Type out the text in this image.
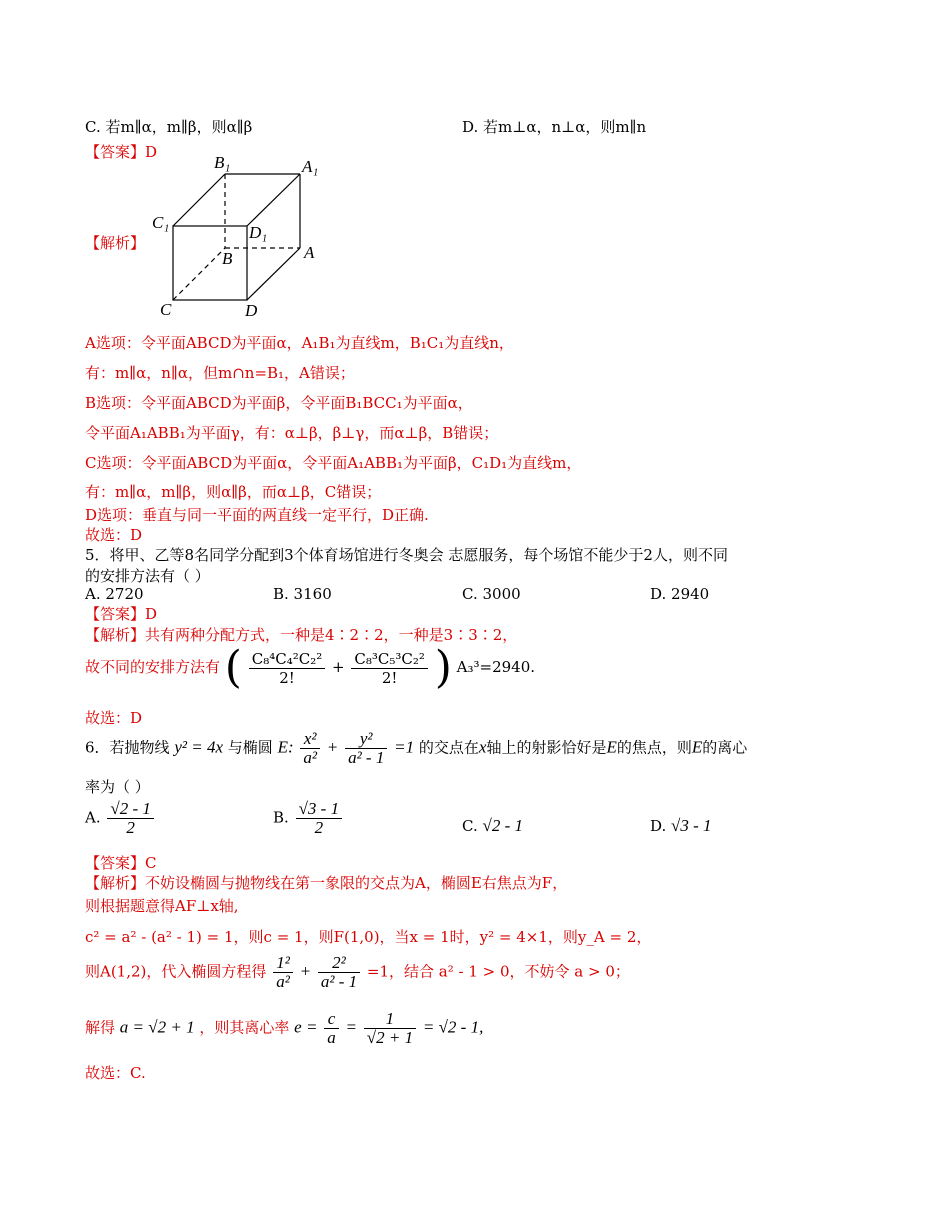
C. 若m∥α，m∥β，则α∥β	D. 若m⊥α，n⊥α，则m∥n
【答案】D
【解析】
B₁	A₁
C₁
D₁
B	A
C	D
A选项：令平面ABCD为平面α，A₁B₁为直线m，B₁C₁为直线n，
有：m∥α，n∥α，但m∩n=B₁，A错误；
B选项：令平面ABCD为平面β，令平面B₁BCC₁为平面α，
令平面A₁ABB₁为平面γ，有：α⊥β，β⊥γ，而α⊥β，B错误；
C选项：令平面ABCD为平面α，令平面A₁ABB₁为平面β，C₁D₁为直线m，
有：m∥α，m∥β，则α∥β，而α⊥β，C错误；
D选项：垂直与同一平面的两直线一定平行，D正确.
故选：D
5．将甲、乙等8名同学分配到3个体育场馆进行冬奥会 志愿服务，每个场馆不能少于2人，则不同
的安排方法有（ ）
A. 2720	B. 3160	C. 3000	D. 2940
【答案】D
【解析】共有两种分配方式，一种是4∶2∶2，一种是3∶3∶2，
故不同的安排方法有 ( $\frac{\text{C₈⁴C₄²C₂²}}{2!} + \frac{\text{C₈³C₅³C₂²}}{2!}$ ) A₃³=2940.
故选：D
6．若抛物线 y² = 4x 与椭圆 E: $\frac{\text{x²}}{\text{a²}} + \frac{\text{y²}}{\text{a² - 1}} =1$ 的交点在x轴上的射影恰好是E的焦点，则E的离心
率为（ ）
A. $\frac{√2 - 1}{2}$	B. $\frac{√3 - 1}{2}$	C. √2 - 1	D. √3 - 1
【答案】C
【解析】不妨设椭圆与抛物线在第一象限的交点为A，椭圆E右焦点为F，
则根据题意得AF⊥x轴,
c² = a² - (a² - 1) = 1，则c = 1，则F(1,0)，当x = 1时，y² = 4×1，则y_A = 2，
则A(1,2)，代入椭圆方程得 $\frac{\text{1²}}{\text{a²}} + \frac{\text{2²}}{\text{a² - 1}} =1$，结合 a² - 1 > 0，不妨令 a > 0；
解得 a = √2 + 1 ，则其离心率 $e = \frac{c}{a} = \frac{1}{√2 + 1} = √2 - 1$,
故选：C.
